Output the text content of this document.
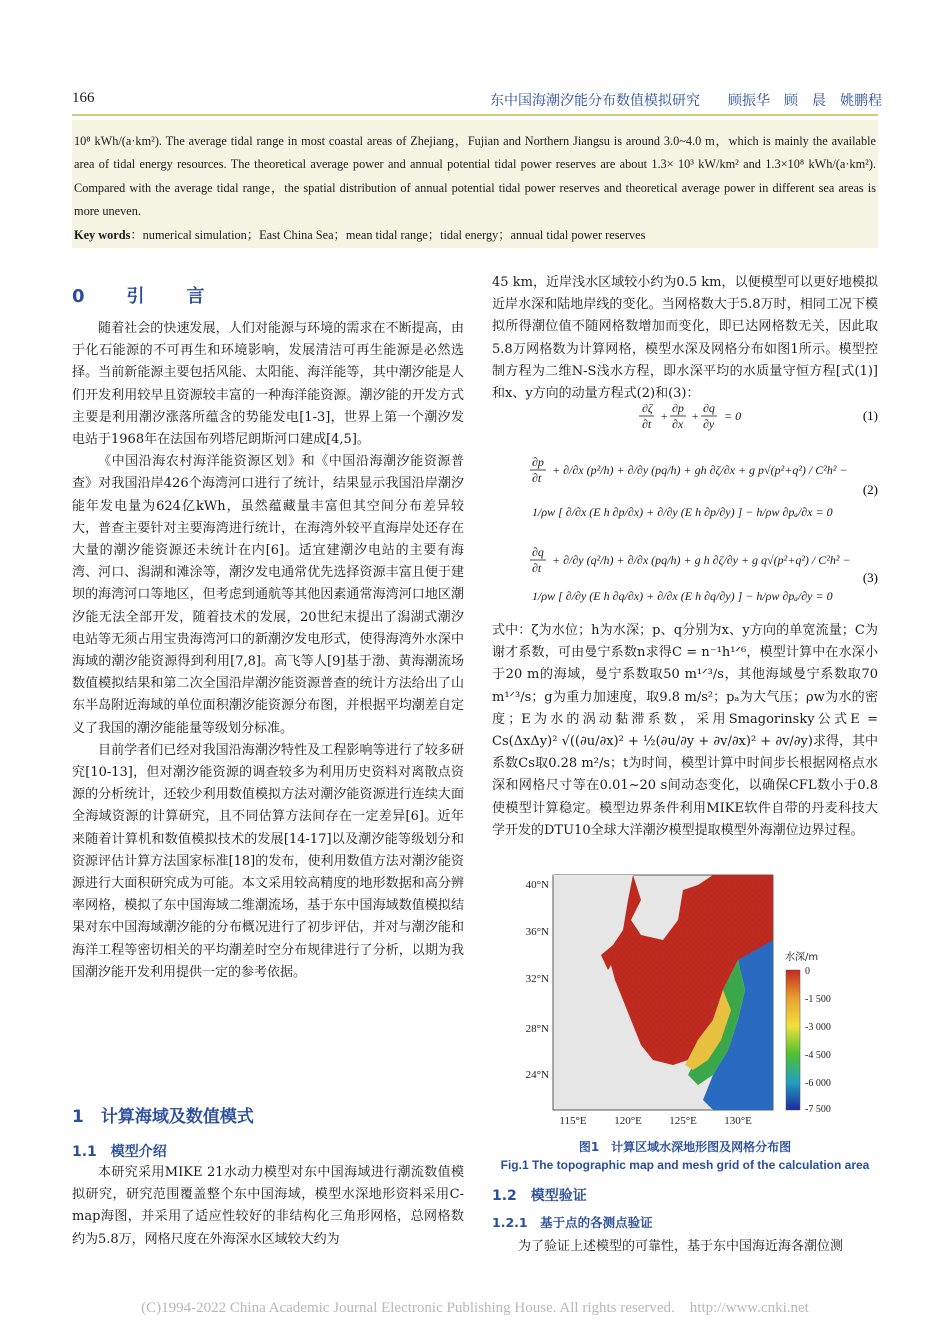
166	东中国海潮汐能分布数值模拟研究　　顾振华　顾　晨　姚鹏程

10⁸ kWh/(a·km²). The average tidal range in most coastal areas of Zhejiang，Fujian and Northern Jiangsu is around 3.0~4.0 m，which is mainly the available area of tidal energy resources. The theoretical average power and annual potential tidal power reserves are about 1.3× 10³ kW/km² and 1.3×10⁸ kWh/(a·km²). Compared with the average tidal range，the spatial distribution of annual potential tidal power reserves and theoretical average power in different sea areas is more uneven.

Key words：numerical simulation；East China Sea；mean tidal range；tidal energy；annual tidal power reserves

0　引　言

随着社会的快速发展，人们对能源与环境的需求在不断提高，由于化石能源的不可再生和环境影响，发展清洁可再生能源是必然选择。当前新能源主要包括风能、太阳能、海洋能等，其中潮汐能是人们开发利用较早且资源较丰富的一种海洋能资源。潮汐能的开发方式主要是利用潮汐涨落所蕴含的势能发电[1-3]，世界上第一个潮汐发电站于1968年在法国布列塔尼朗斯河口建成[4,5]。

《中国沿海农村海洋能资源区划》和《中国沿海潮汐能资源普查》对我国沿岸426个海湾河口进行了统计，结果显示我国沿岸潮汐能年发电量为624亿kWh，虽然蕴藏量丰富但其空间分布差异较大，普查主要针对主要海湾进行统计，在海湾外较平直海岸处还存在大量的潮汐能资源还未统计在内[6]。适宜建潮汐电站的主要有海湾、河口、潟湖和滩涂等，潮汐发电通常优先选择资源丰富且便于建坝的海湾河口等地区，但考虑到通航等其他因素通常海湾河口地区潮汐能无法全部开发，随着技术的发展，20世纪末提出了潟湖式潮汐电站等无须占用宝贵海湾河口的新潮汐发电形式，使得海湾外水深中海域的潮汐能资源得到利用[7,8]。高飞等人[9]基于渤、黄海潮流场数值模拟结果和第二次全国沿岸潮汐能资源普查的统计方法给出了山东半岛附近海域的单位面积潮汐能资源分布图，并根据平均潮差自定义了我国的潮汐能能量等级划分标准。

目前学者们已经对我国沿海潮汐特性及工程影响等进行了较多研究[10-13]，但对潮汐能资源的调查较多为利用历史资料对离散点资源的分析统计，还较少利用数值模拟方法对潮汐能资源进行连续大面全海域资源的计算研究，且不同估算方法间存在一定差异[6]。近年来随着计算机和数值模拟技术的发展[14-17]以及潮汐能等级划分和资源评估计算方法国家标准[18]的发布，使利用数值方法对潮汐能资源进行大面积研究成为可能。本文采用较高精度的地形数据和高分辨率网格，模拟了东中国海域二维潮流场，基于东中国海域数值模拟结果对东中国海域潮汐能的分布概况进行了初步评估，并对与潮汐能和海洋工程等密切相关的平均潮差时空分布规律进行了分析，以期为我国潮汐能开发利用提供一定的参考依据。

1　计算海域及数值模式
1.1　模型介绍

本研究采用MIKE 21水动力模型对东中国海域进行潮流数值模拟研究，研究范围覆盖整个东中国海域，模型水深地形资料采用C-map海图，并采用了适应性较好的非结构化三角形网格，总网格数约为5.8万，网格尺度在外海深水区域较大约为

45 km，近岸浅水区域较小约为0.5 km，以便模型可以更好地模拟近岸水深和陆地岸线的变化。当网格数大于5.8万时，相同工况下模拟所得潮位值不随网格数增加而变化，即已达网格数无关，因此取5.8万网格数为计算网格，模型水深及网格分布如图1所示。模型控制方程为二维N-S浅水方程，即水深平均的水质量守恒方程[式(1)]和x、y方向的动量方程式(2)和(3)：

∂ζ
∂t
+
∂p
∂x
+
∂q
∂y
= 0
∂p
∂t
+ ∂/∂x (p²/h) + ∂/∂y (pq/h) + gh ∂ζ/∂x + g p√(p²+q²) / C²h² −
1/ρw [ ∂/∂x (E h ∂p/∂x) + ∂/∂y (E h ∂p/∂y) ] − h/ρw ∂pₐ/∂x = 0
∂q
∂t
+ ∂/∂y (q²/h) + ∂/∂x (pq/h) + g h ∂ζ/∂y + g q√(p²+q²) / C²h² −
1/ρw [ ∂/∂y (E h ∂q/∂x) + ∂/∂x (E h ∂q/∂y) ] − h/ρw ∂pₐ/∂y = 0
(1)
(2)
(3)

式中：ζ为水位；h为水深；p、q分别为x、y方向的单宽流量；C为谢才系数，可由曼宁系数n求得C = n⁻¹h¹ᐟ⁶，模型计算中在水深小于20 m的海域，曼宁系数取50 m¹ᐟ³/s，其他海域曼宁系数取70 m¹ᐟ³/s；g为重力加速度，取9.8 m/s²；pₐ为大气压；ρw为水的密度；E为水的涡动黏滞系数，采用Smagorinsky公式E = Cs(ΔxΔy)² √((∂u/∂x)² + ½(∂u/∂y + ∂v/∂x)² + ∂v/∂y)求得，其中系数Cs取0.28 m²/s；t为时间，模型计算中时间步长根据网格点水深和网格尺寸等在0.01~20 s间动态变化，以确保CFL数小于0.8使模型计算稳定。模型边界条件利用MIKE软件自带的丹麦科技大学开发的DTU10全球大洋潮汐模型提取模型外海潮位边界过程。

40°N
36°N
32°N
28°N
24°N
115°E	120°E 125°E 130°E
水深/m
0
-1 500
-3 000
-4 500
-6 000
-7 500
图1　计算区域水深地形图及网格分布图
Fig.1 The topographic map and mesh grid of the calculation area
1.2　模型验证
1.2.1　基于点的各测点验证

为了验证上述模型的可靠性，基于东中国海近海各潮位测

(C)1994-2022 China Academic Journal Electronic Publishing House. All rights reserved.　http://www.cnki.net
